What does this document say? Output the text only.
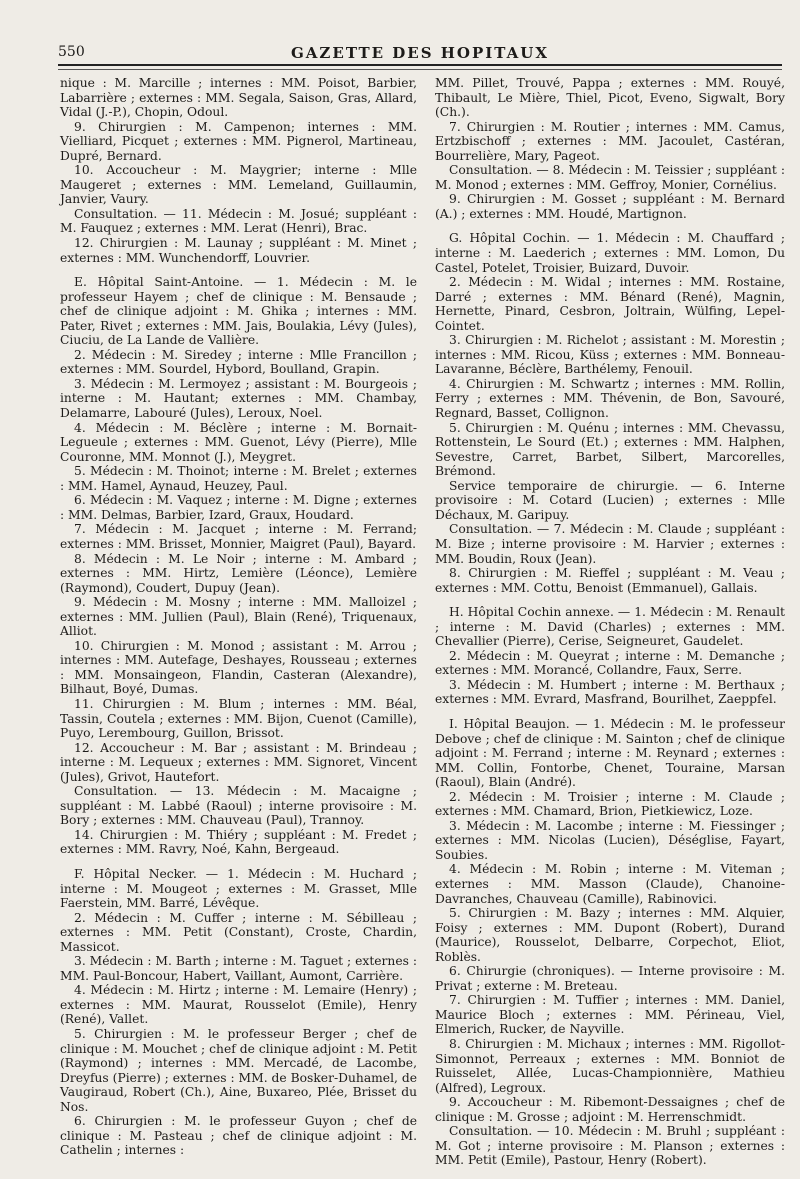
550	GAZETTE DES HOPITAUX

nique : M. Marcille ; internes : MM. Poisot, Barbier, Labarrière ; externes : MM. Segala, Saison, Gras, Allard, Vidal (J.-P.), Chopin, Odoul.

9. Chirurgien : M. Campenon; internes : MM. Vielliard, Picquet ; externes : MM. Pignerol, Martineau, Dupré, Bernard.

10. Accoucheur : M. Maygrier; interne : Mlle Maugeret ; externes : MM. Lemeland, Guillaumin, Janvier, Vaury.

Consultation. — 11. Médecin : M. Josué; suppléant : M. Fauquez ; externes : MM. Lerat (Henri), Brac.

12. Chirurgien : M. Launay ; suppléant : M. Minet ; externes : MM. Wunchendorff, Louvrier.

E. Hôpital Saint-Antoine. — 1. Médecin : M. le professeur Hayem ; chef de clinique : M. Bensaude ; chef de clinique adjoint : M. Ghika ; internes : MM. Pater, Rivet ; externes : MM. Jais, Boulakia, Lévy (Jules), Ciuciu, de La Lande de Vallière.

2. Médecin : M. Siredey ; interne : Mlle Francillon ; externes : MM. Sourdel, Hybord, Boulland, Grapin.

3. Médecin : M. Lermoyez ; assistant : M. Bourgeois ; interne : M. Hautant; externes : MM. Chambay, Delamarre, Labouré (Jules), Leroux, Noel.

4. Médecin : M. Béclère ; interne : M. Bornait-Legueule ; externes : MM. Guenot, Lévy (Pierre), Mlle Couronne, MM. Monnot (J.), Meygret.

5. Médecin : M. Thoinot; interne : M. Brelet ; externes : MM. Hamel, Aynaud, Heuzey, Paul.

6. Médecin : M. Vaquez ; interne : M. Digne ; externes : MM. Delmas, Barbier, Izard, Graux, Houdard.

7. Médecin : M. Jacquet ; interne : M. Ferrand; externes : MM. Brisset, Monnier, Maigret (Paul), Bayard.

8. Médecin : M. Le Noir ; interne : M. Ambard ; externes : MM. Hirtz, Lemière (Léonce), Lemière (Raymond), Coudert, Dupuy (Jean).

9. Médecin : M. Mosny ; interne : MM. Malloizel ; externes : MM. Jullien (Paul), Blain (René), Triquenaux, Alliot.

10. Chirurgien : M. Monod ; assistant : M. Arrou ; internes : MM. Autefage, Deshayes, Rousseau ; externes : MM. Monsaingeon, Flandin, Casteran (Alexandre), Bilhaut, Boyé, Dumas.

11. Chirurgien : M. Blum ; internes : MM. Béal, Tassin, Coutela ; externes : MM. Bijon, Cuenot (Camille), Puyo, Lerembourg, Guillon, Brissot.

12. Accoucheur : M. Bar ; assistant : M. Brindeau ; interne : M. Lequeux ; externes : MM. Signoret, Vincent (Jules), Grivot, Hautefort.

Consultation. — 13. Médecin : M. Macaigne ; suppléant : M. Labbé (Raoul) ; interne provisoire : M. Bory ; externes : MM. Chauveau (Paul), Trannoy.

14. Chirurgien : M. Thiéry ; suppléant : M. Fredet ; externes : MM. Ravry, Noé, Kahn, Bergeaud.

F. Hôpital Necker. — 1. Médecin : M. Huchard ; interne : M. Mougeot ; externes : M. Grasset, Mlle Faerstein, MM. Barré, Lévêque.

2. Médecin : M. Cuffer ; interne : M. Sébilleau ; externes : MM. Petit (Constant), Croste, Chardin, Massicot.

3. Médecin : M. Barth ; interne : M. Taguet ; externes : MM. Paul-Boncour, Habert, Vaillant, Aumont, Carrière.

4. Médecin : M. Hirtz ; interne : M. Lemaire (Henry) ; externes : MM. Maurat, Rousselot (Emile), Henry (René), Vallet.

5. Chirurgien : M. le professeur Berger ; chef de clinique : M. Mouchet ; chef de clinique adjoint : M. Petit (Raymond) ; internes : MM. Mercadé, de Lacombe, Dreyfus (Pierre) ; externes : MM. de Bosker-Duhamel, de Vaugiraud, Robert (Ch.), Aine, Buxareo, Plée, Brisset du Nos.

6. Chirurgien : M. le professeur Guyon ; chef de clinique : M. Pasteau ; chef de clinique adjoint : M. Cathelin ; internes :

MM. Pillet, Trouvé, Pappa ; externes : MM. Rouyé, Thibault, Le Mière, Thiel, Picot, Eveno, Sigwalt, Bory (Ch.).

7. Chirurgien : M. Routier ; internes : MM. Camus, Ertzbischoff ; externes : MM. Jacoulet, Castéran, Bourrelière, Mary, Pageot.

Consultation. — 8. Médecin : M. Teissier ; suppléant : M. Monod ; externes : MM. Geffroy, Monier, Cornélius.

9. Chirurgien : M. Gosset ; suppléant : M. Bernard (A.) ; externes : MM. Houdé, Martignon.

G. Hôpital Cochin. — 1. Médecin : M. Chauffard ; interne : M. Laederich ; externes : MM. Lomon, Du Castel, Potelet, Troisier, Buizard, Duvoir.

2. Médecin : M. Widal ; internes : MM. Rostaine, Darré ; externes : MM. Bénard (René), Magnin, Hernette, Pinard, Cesbron, Joltrain, Wülfing, Lepel-Cointet.

3. Chirurgien : M. Richelot ; assistant : M. Morestin ; internes : MM. Ricou, Küss ; externes : MM. Bonneau-Lavaranne, Béclère, Barthélemy, Fenouil.

4. Chirurgien : M. Schwartz ; internes : MM. Rollin, Ferry ; externes : MM. Thévenin, de Bon, Savouré, Regnard, Basset, Collignon.

5. Chirurgien : M. Quénu ; internes : MM. Chevassu, Rottenstein, Le Sourd (Et.) ; externes : MM. Halphen, Sevestre, Carret, Barbet, Silbert, Marcorelles, Brémond.

Service temporaire de chirurgie. — 6. Interne provisoire : M. Cotard (Lucien) ; externes : Mlle Déchaux, M. Garipuy.

Consultation. — 7. Médecin : M. Claude ; suppléant : M. Bize ; interne provisoire : M. Harvier ; externes : MM. Boudin, Roux (Jean).

8. Chirurgien : M. Rieffel ; suppléant : M. Veau ; externes : MM. Cottu, Benoist (Emmanuel), Gallais.

H. Hôpital Cochin annexe. — 1. Médecin : M. Renault ; interne : M. David (Charles) ; externes : MM. Chevallier (Pierre), Cerise, Seigneuret, Gaudelet.

2. Médecin : M. Queyrat ; interne : M. Demanche ; externes : MM. Morancé, Collandre, Faux, Serre.

3. Médecin : M. Humbert ; interne : M. Berthaux ; externes : MM. Evrard, Masfrand, Bourilhet, Zaeppfel.

I. Hôpital Beaujon. — 1. Médecin : M. le professeur Debove ; chef de clinique : M. Sainton ; chef de clinique adjoint : M. Ferrand ; interne : M. Reynard ; externes : MM. Collin, Fontorbe, Chenet, Touraine, Marsan (Raoul), Blain (André).

2. Médecin : M. Troisier ; interne : M. Claude ; externes : MM. Chamard, Brion, Pietkiewicz, Loze.

3. Médecin : M. Lacombe ; interne : M. Fiessinger ; externes : MM. Nicolas (Lucien), Déséglise, Fayart, Soubies.

4. Médecin : M. Robin ; interne : M. Viteman ; externes : MM. Masson (Claude), Chanoine-Davranches, Chauveau (Camille), Rabinovici.

5. Chirurgien : M. Bazy ; internes : MM. Alquier, Foisy ; externes : MM. Dupont (Robert), Durand (Maurice), Rousselot, Delbarre, Corpechot, Eliot, Roblès.

6. Chirurgie (chroniques). — Interne provisoire : M. Privat ; externe : M. Breteau.

7. Chirurgien : M. Tuffier ; internes : MM. Daniel, Maurice Bloch ; externes : MM. Périneau, Viel, Elmerich, Rucker, de Nayville.

8. Chirurgien : M. Michaux ; internes : MM. Rigollot-Simonnot, Perreaux ; externes : MM. Bonniot de Ruisselet, Allée, Lucas-Championnière, Mathieu (Alfred), Legroux.

9. Accoucheur : M. Ribemont-Dessaignes ; chef de clinique : M. Grosse ; adjoint : M. Herrenschmidt.

Consultation. — 10. Médecin : M. Bruhl ; suppléant : M. Got ; interne provisoire : M. Planson ; externes : MM. Petit (Emile), Pastour, Henry (Robert).
